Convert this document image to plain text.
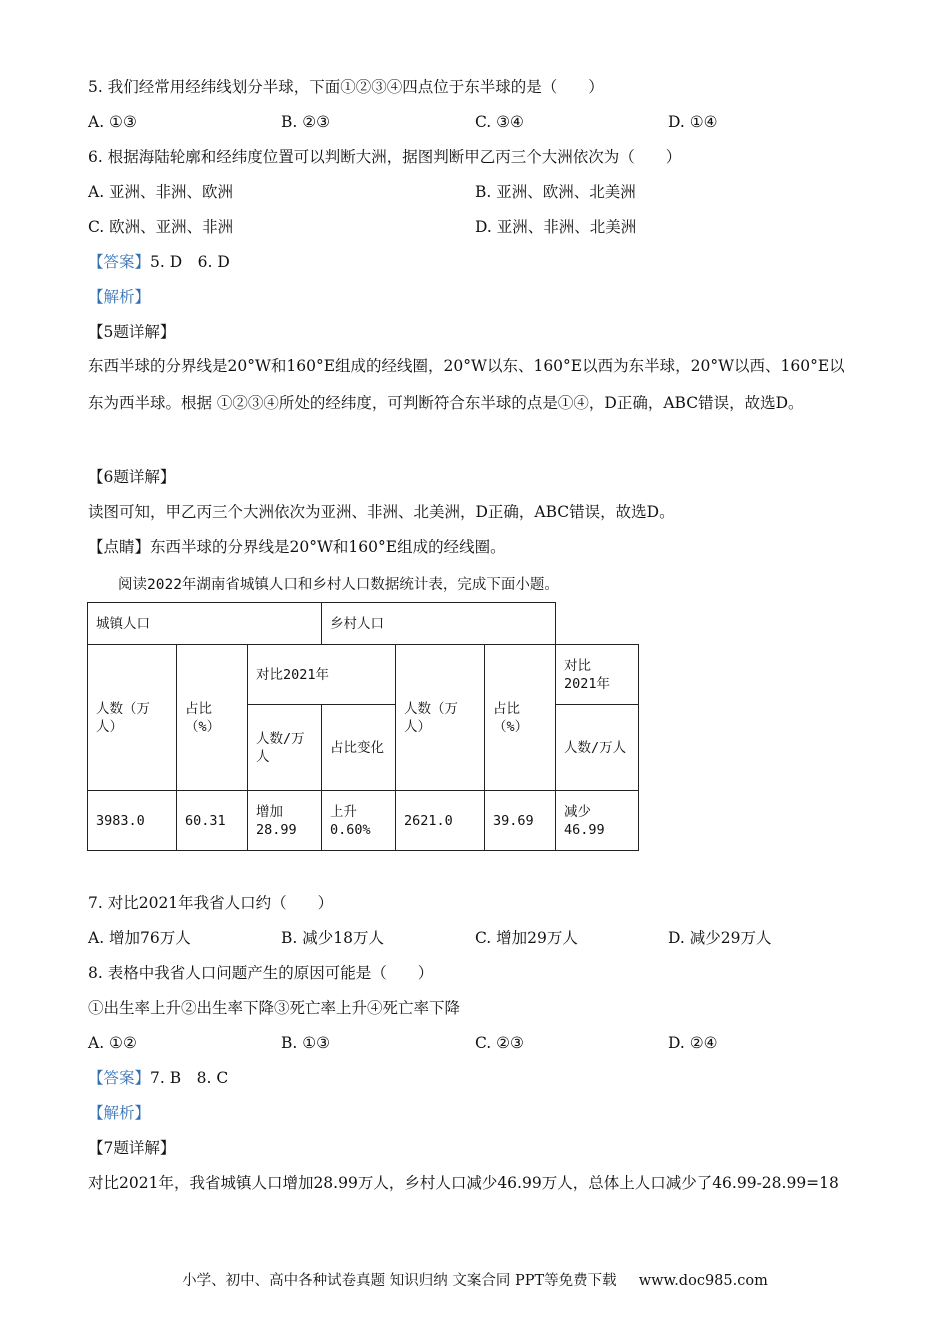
5. 我们经常用经纬线划分半球，下面①②③④四点位于东半球的是（　　）
A. ①③	B. ②③	C. ③④	D. ①④
6. 根据海陆轮廓和经纬度位置可以判断大洲，据图判断甲乙丙三个大洲依次为（　　）
A. 亚洲、非洲、欧洲	B. 亚洲、欧洲、北美洲
C. 欧洲、亚洲、非洲	D. 亚洲、非洲、北美洲
【答案】5. D　6. D
【解析】
【5题详解】
东西半球的分界线是20°W和160°E组成的经线圈，20°W以东、160°E以西为东半球，20°W以西、160°E以东为西半球。根据 ①②③④所处的经纬度，可判断符合东半球的点是①④，D正确，ABC错误，故选D。
【6题详解】
读图可知，甲乙丙三个大洲依次为亚洲、非洲、北美洲，D正确，ABC错误，故选D。
【点睛】东西半球的分界线是20°W和160°E组成的经线圈。
阅读2022年湖南省城镇人口和乡村人口数据统计表，完成下面小题。
城镇人口			乡村人口			
人数（万人）	占比（%）	对比2021年		人数（万人）	占比（%）	对比 2021年
		人数/万人	占比变化			人数/万人
3983.0	60.31	增加 28.99	上升 0.60%	2621.0	39.69	减少 46.99
7. 对比2021年我省人口约（　　）
A. 增加76万人	B. 减少18万人	C. 增加29万人	D. 减少29万人
8. 表格中我省人口问题产生的原因可能是（　　）
①出生率上升②出生率下降③死亡率上升④死亡率下降
A. ①②	B. ①③	C. ②③	D. ②④
【答案】7. B　8. C
【解析】
【7题详解】
对比2021年，我省城镇人口增加28.99万人，乡村人口减少46.99万人，总体上人口减少了46.99-28.99=18
小学、初中、高中各种试卷真题 知识归纳 文案合同 PPT等免费下载 www.doc985.com
